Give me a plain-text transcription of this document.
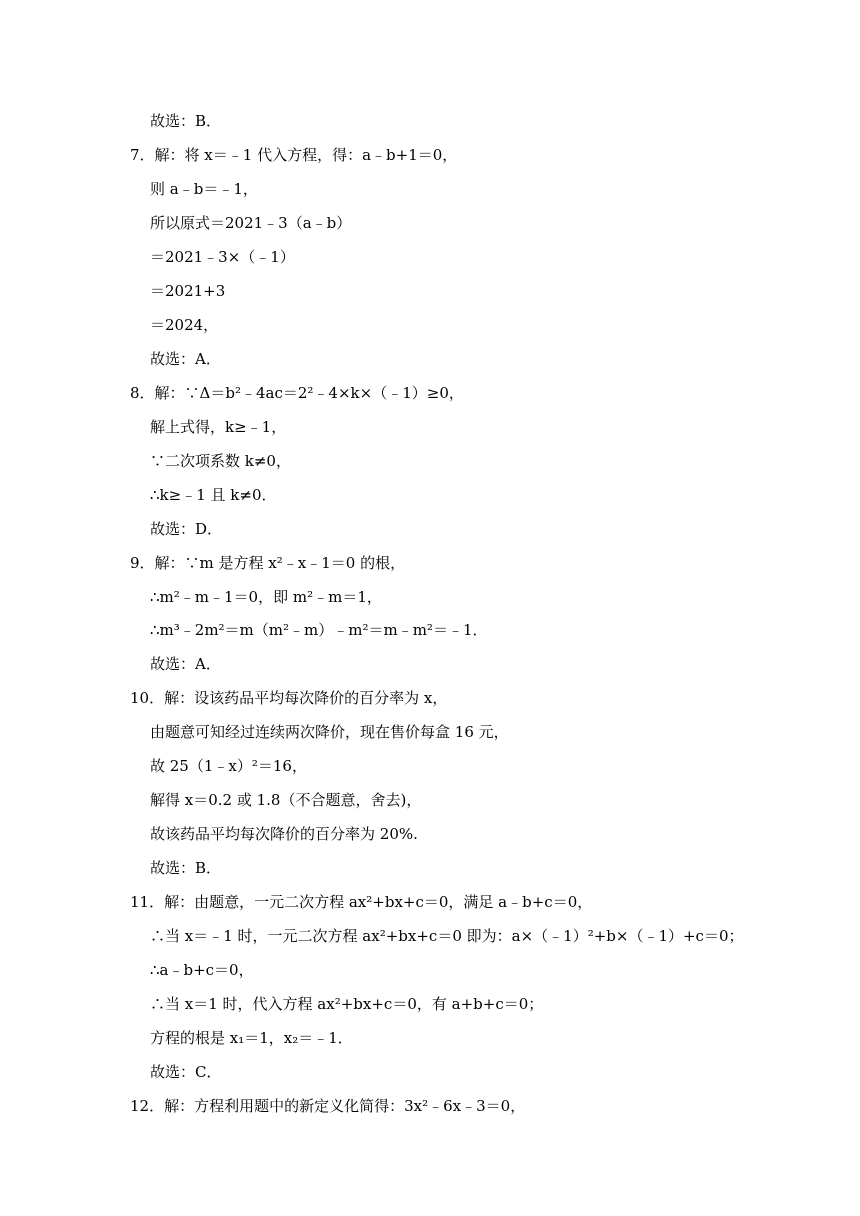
故选：B．
7．解：将 x＝﹣1 代入方程，得：a﹣b+1＝0，
则 a﹣b＝﹣1，
所以原式＝2021﹣3（a﹣b）
＝2021﹣3×（﹣1）
＝2021+3
＝2024，
故选：A．
8．解：∵Δ＝b²﹣4ac＝2²﹣4×k×（﹣1）≥0，
解上式得，k≥﹣1，
∵二次项系数 k≠0，
∴k≥﹣1 且 k≠0．
故选：D．
9．解：∵m 是方程 x²﹣x﹣1＝0 的根，
∴m²﹣m﹣1＝0，即 m²﹣m＝1，
∴m³﹣2m²＝m（m²﹣m）﹣m²＝m﹣m²＝﹣1．
故选：A．
10．解：设该药品平均每次降价的百分率为 x，
由题意可知经过连续两次降价，现在售价每盒 16 元，
故 25（1﹣x）²＝16，
解得 x＝0.2 或 1.8（不合题意，舍去)，
故该药品平均每次降价的百分率为 20%.
故选：B．
11．解：由题意，一元二次方程 ax²+bx+c＝0，满足 a﹣b+c＝0，
∴当 x＝﹣1 时，一元二次方程 ax²+bx+c＝0 即为：a×（﹣1）²+b×（﹣1）+c＝0；
∴a﹣b+c＝0，
∴当 x＝1 时，代入方程 ax²+bx+c＝0，有 a+b+c＝0；
方程的根是 x₁＝1，x₂＝﹣1．
故选：C．
12．解：方程利用题中的新定义化简得：3x²﹣6x﹣3＝0，
